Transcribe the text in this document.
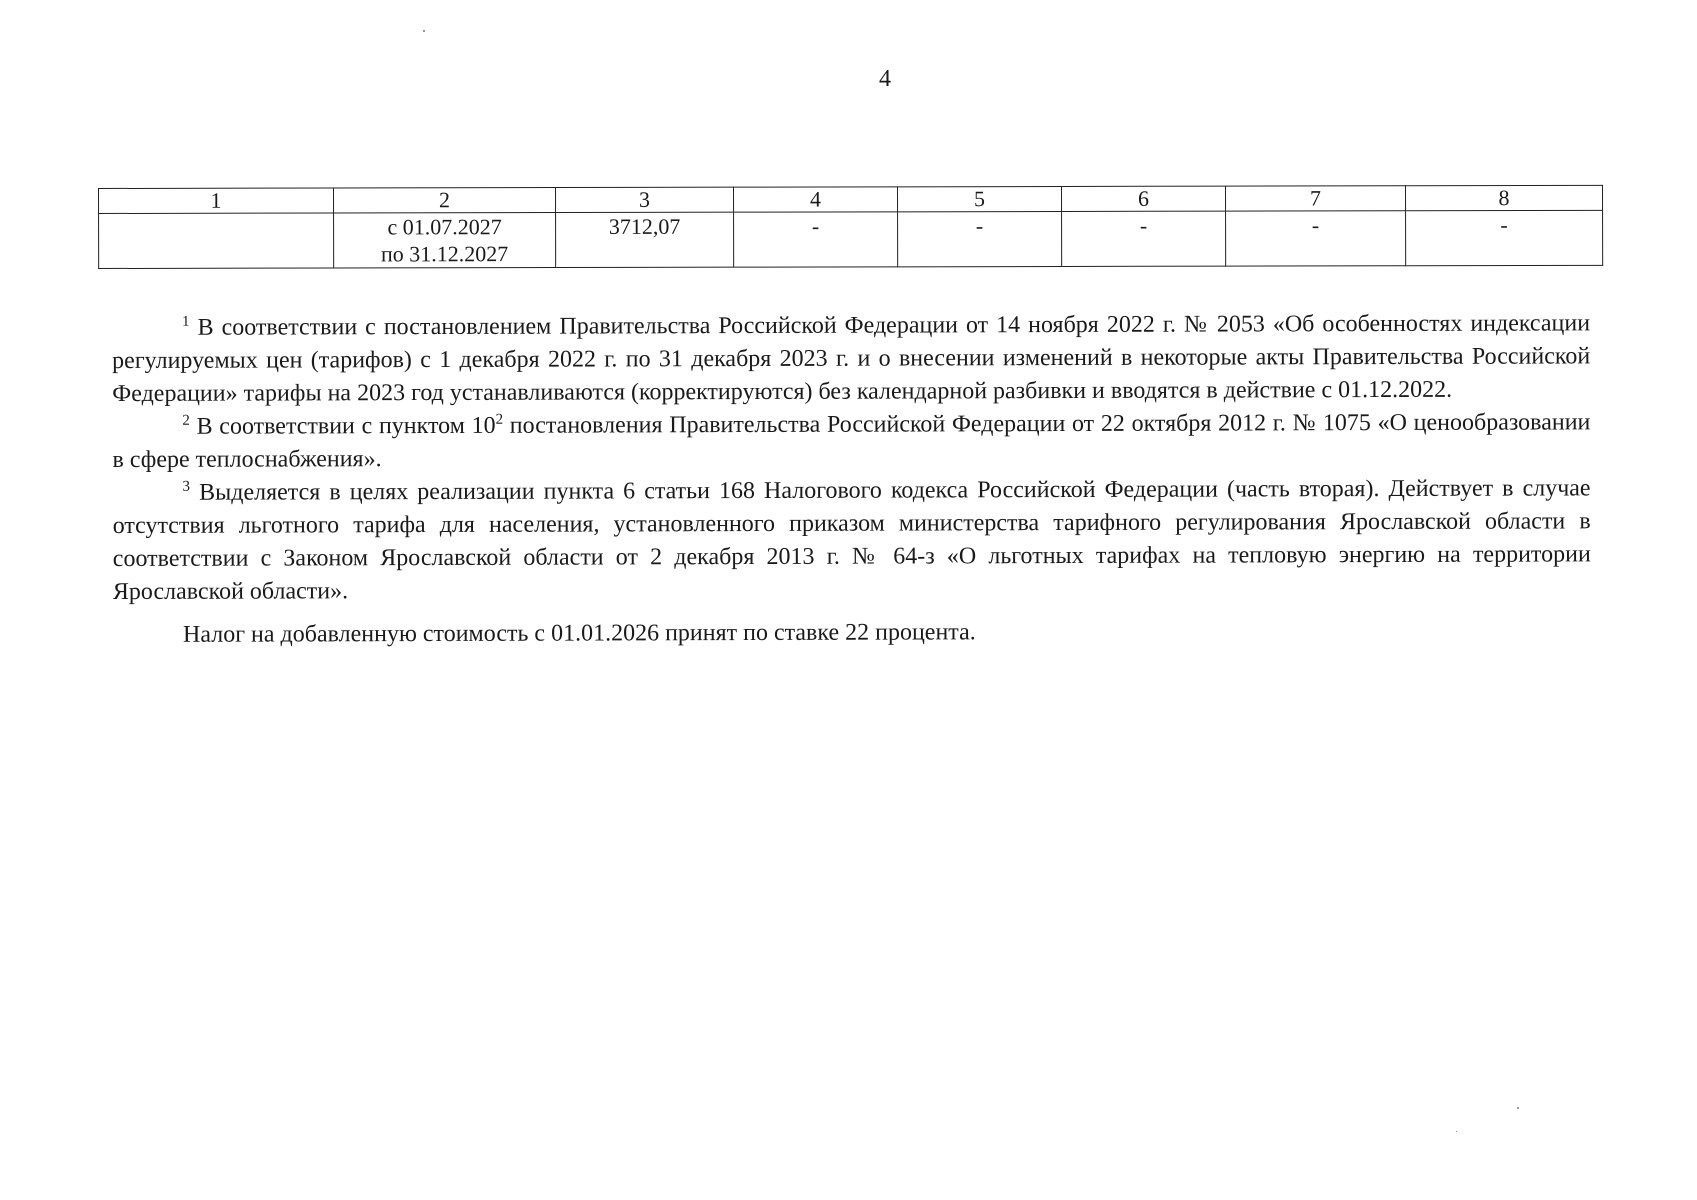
4
1	2	3	4	5	6	7	8

	с 01.07.2027
по 31.12.2027	3712,07	-	-	-	-	-

$^1$ В соответствии с постановлением Правительства Российской Федерации от 14 ноября 2022 г. № 2053 «Об особенностях индексации регулируемых цен (тарифов) с 1 декабря 2022 г. по 31 декабря 2023 г. и о внесении изменений в некоторые акты Правительства Российской Федерации» тарифы на 2023 год устанавливаются (корректируются) без календарной разбивки и вводятся в действие с 01.12.2022.

$^2$ В соответствии с пунктом $10^2$ постановления Правительства Российской Федерации от 22 октября 2012 г. № 1075 «О ценообразовании в сфере теплоснабжения».

$^3$ Выделяется в целях реализации пункта 6 статьи 168 Налогового кодекса Российской Федерации (часть вторая). Действует в случае отсутствия льготного тарифа для населения, установленного приказом министерства тарифного регулирования Ярославской области в соответствии с Законом Ярославской области от 2 декабря 2013 г. № 64-з «О льготных тарифах на тепловую энергию на территории Ярославской области».

Налог на добавленную стоимость с 01.01.2026 принят по ставке 22 процента.
